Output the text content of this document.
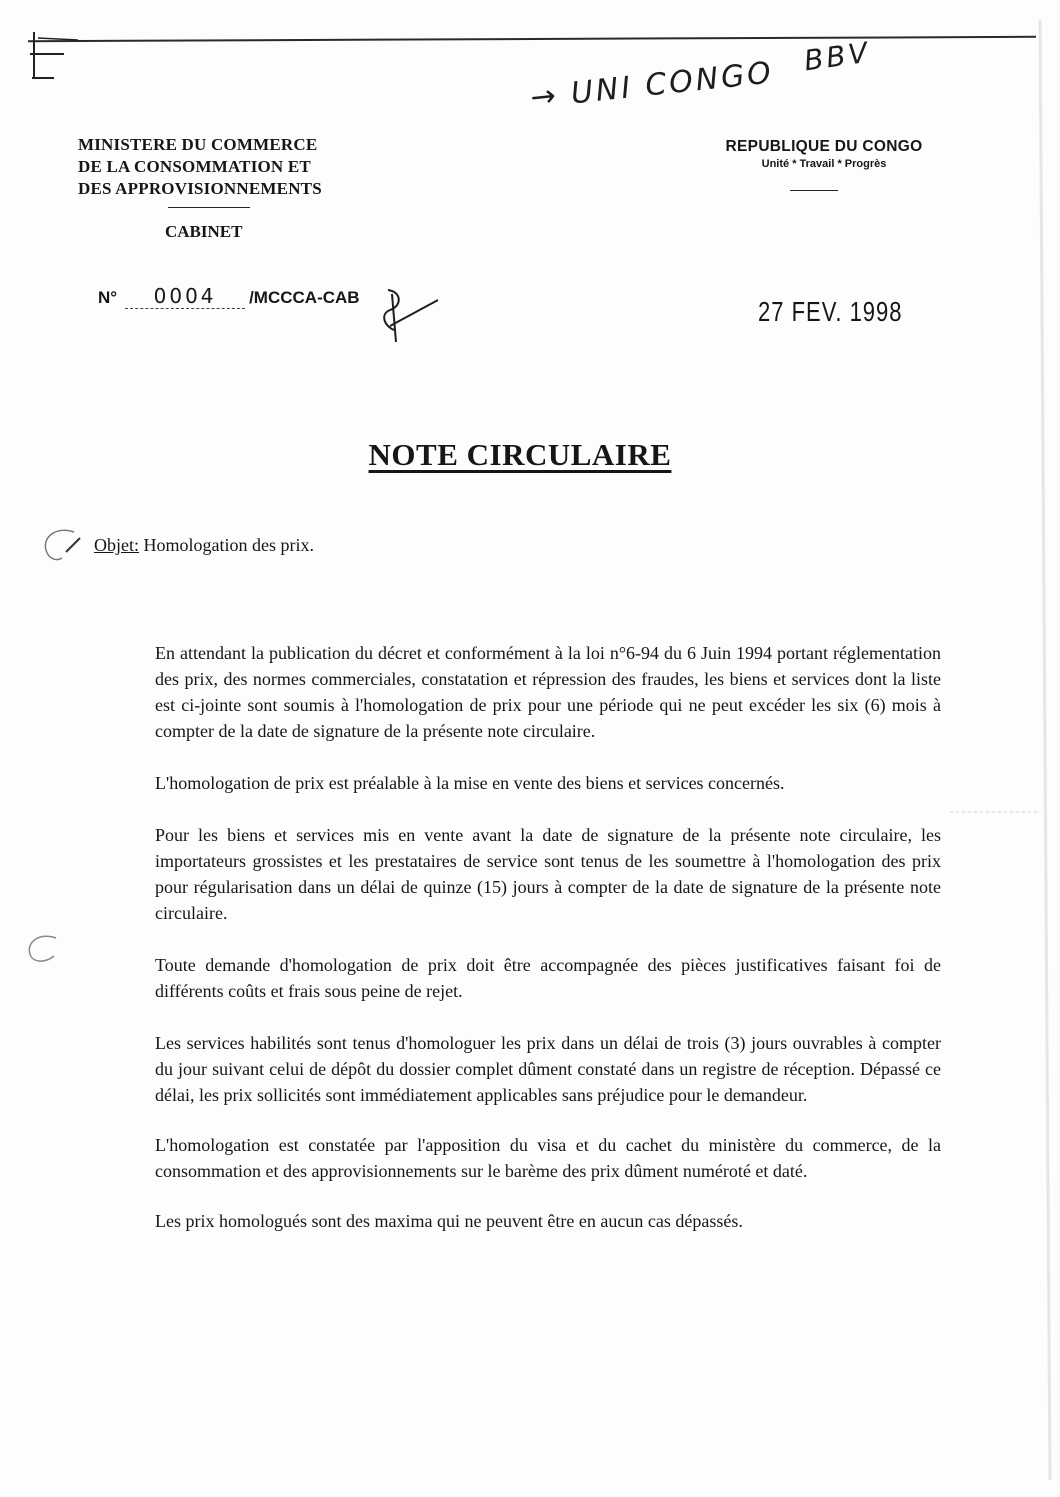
→ UNI CONGO BBV
MINISTERE DU COMMERCE
DE LA CONSOMMATION ET
DES APPROVISIONNEMENTS
CABINET
REPUBLIQUE DU CONGO
Unité * Travail * Progrès
N°	0004	/MCCCA-CAB	27 FEV. 1998
NOTE CIRCULAIRE
Objet: Homologation des prix.

En attendant la publication du décret et conformément à la loi n°6-94 du 6 Juin 1994 portant réglementation des prix, des normes commerciales, constatation et répression des fraudes, les biens et services dont la liste est ci-jointe sont soumis à l'homologation de prix pour une période qui ne peut excéder les six (6) mois à compter de la date de signature de la présente note circulaire.

L'homologation de prix est préalable à la mise en vente des biens et services concernés.

Pour les biens et services mis en vente avant la date de signature de la présente note circulaire, les importateurs grossistes et les prestataires de service sont tenus de les soumettre à l'homologation des prix pour régularisation dans un délai de quinze (15) jours à compter de la date de signature de la présente note circulaire.

Toute demande d'homologation de prix doit être accompagnée des pièces justificatives faisant foi de différents coûts et frais sous peine de rejet.

Les services habilités sont tenus d'homologuer les prix dans un délai de trois (3) jours ouvrables à compter du jour suivant celui de dépôt du dossier complet dûment constaté dans un registre de réception. Dépassé ce délai, les prix sollicités sont immédiatement applicables sans préjudice pour le demandeur.

L'homologation est constatée par l'apposition du visa et du cachet du ministère du commerce, de la consommation et des approvisionnements sur le barème des prix dûment numéroté et daté.

Les prix homologués sont des maxima qui ne peuvent être en aucun cas dépassés.
